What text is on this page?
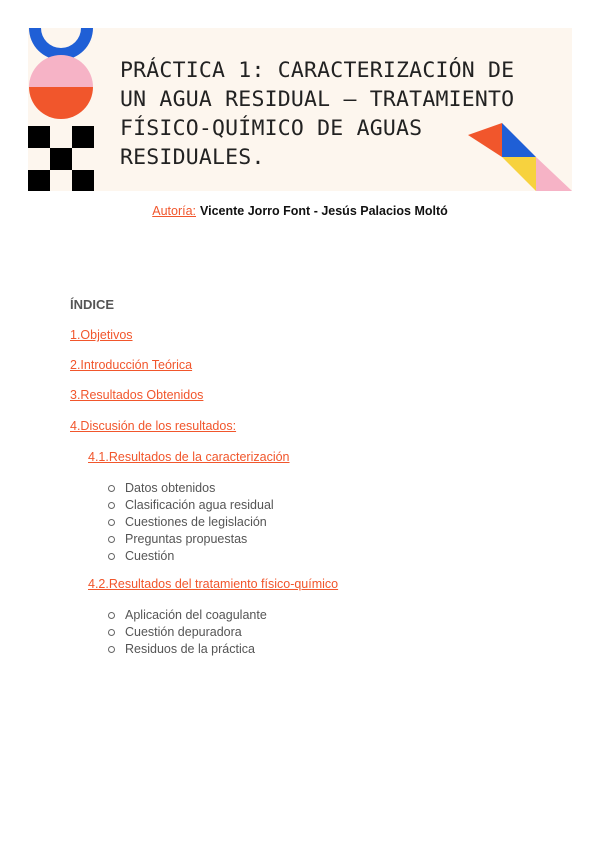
PRÁCTICA 1: CARACTERIZACIÓN DE UN AGUA RESIDUAL – TRATAMIENTO FÍSICO-QUÍMICO DE AGUAS RESIDUALES.
Autoría: Vicente Jorro Font - Jesús Palacios Moltó
ÍNDICE
1.Objetivos
2.Introducción Teórica
3.Resultados Obtenidos
4.Discusión de los resultados:
4.1.Resultados de la caracterización
Datos obtenidos
Clasificación agua residual
Cuestiones de legislación
Preguntas propuestas
Cuestión
4.2.Resultados del tratamiento físico-químico
Aplicación del coagulante
Cuestión depuradora
Residuos de la práctica
